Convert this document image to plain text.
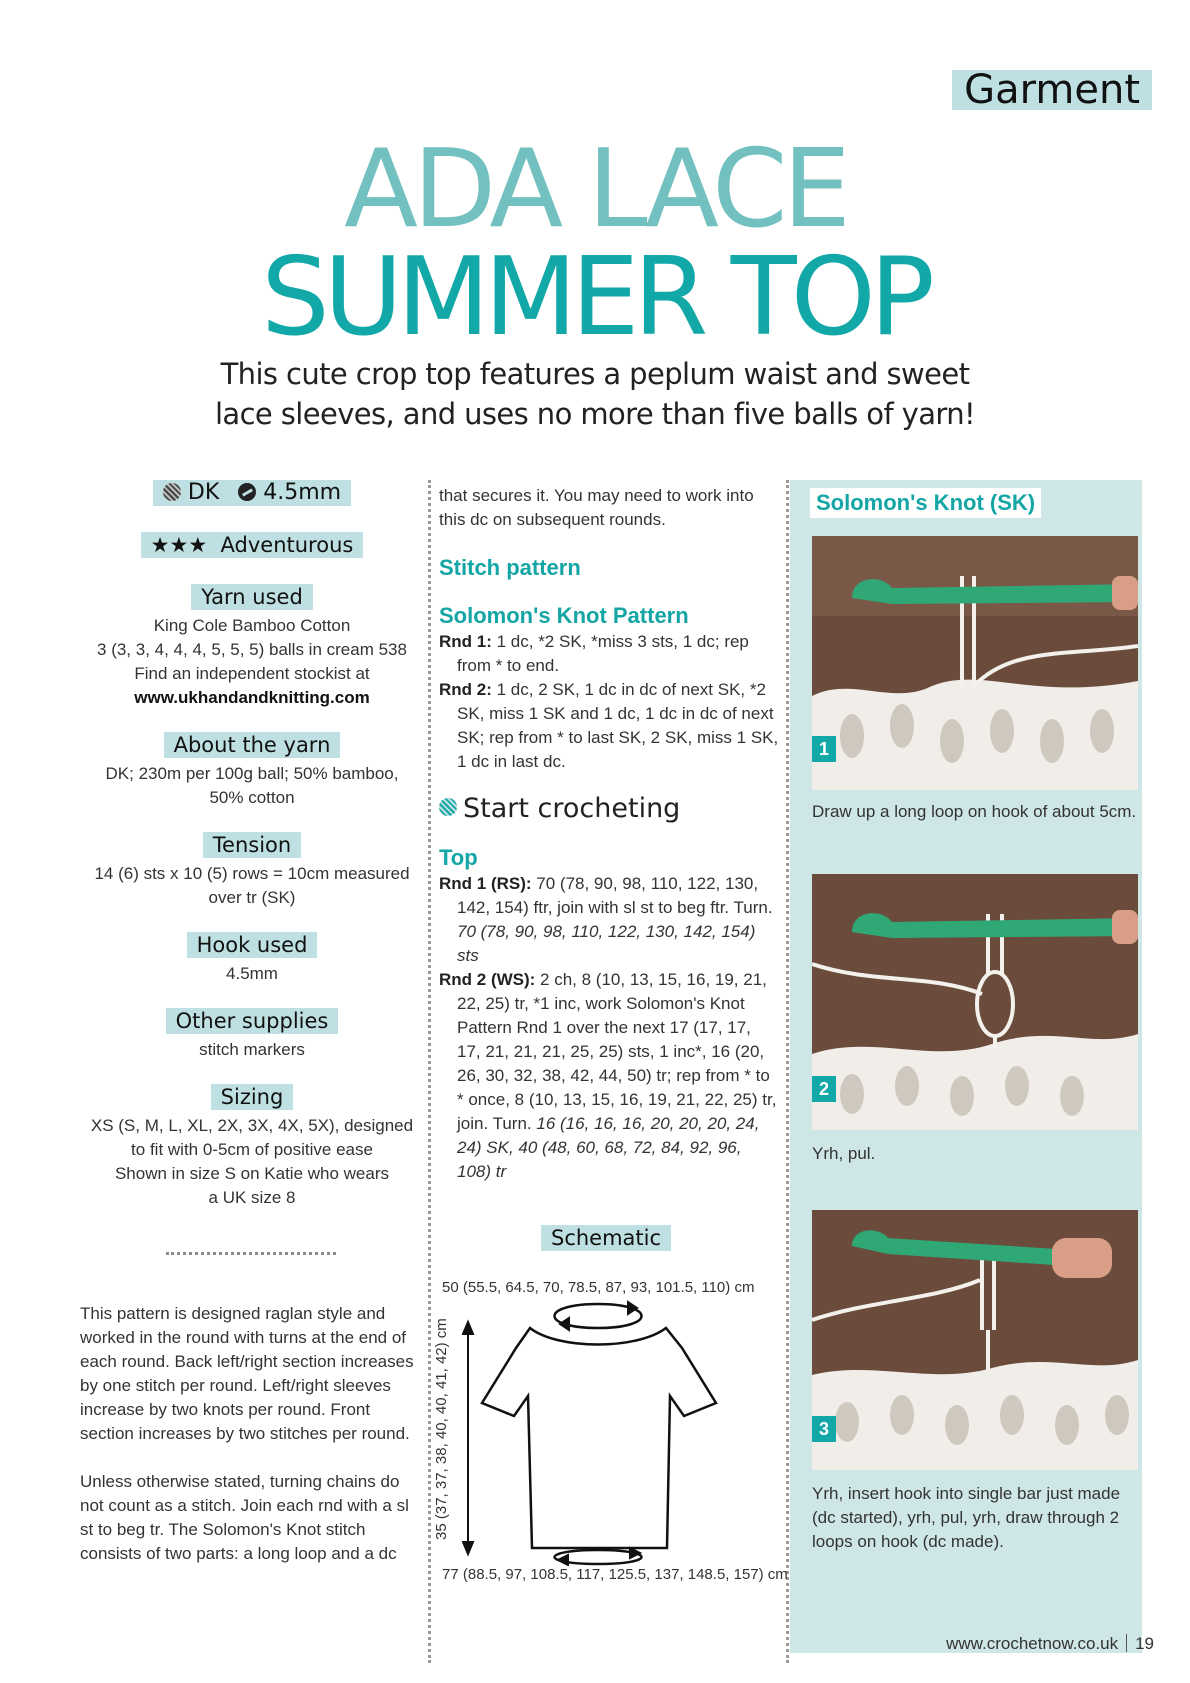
Garment
ADA LACE
SUMMER TOP
This cute crop top features a peplum waist and sweet
lace sleeves, and uses no more than five balls of yarn!
DK 4.5mm
★★★ Adventurous
Yarn used

King Cole Bamboo Cotton

3 (3, 3, 4, 4, 4, 5, 5, 5) balls in cream 538

Find an independent stockist at

www.ukhandandknitting.com

About the yarn

DK; 230m per 100g ball; 50% bamboo,

50% cotton

Tension

14 (6) sts x 10 (5) rows = 10cm measured

over tr (SK)

Hook used

4.5mm

Other supplies

stitch markers

Sizing

XS (S, M, L, XL, 2X, 3X, 4X, 5X), designed

to fit with 0-5cm of positive ease

Shown in size S on Katie who wears

a UK size 8

This pattern is designed raglan style and worked in the round with turns at the end of each round. Back left/right section increases by one stitch per round. Left/right sleeves increase by two knots per round. Front section increases by two stitches per round.

Unless otherwise stated, turning chains do not count as a stitch. Join each rnd with a sl st to beg tr. The Solomon's Knot stitch consists of two parts: a long loop and a dc

that secures it. You may need to work into this dc on subsequent rounds.

Stitch pattern

Solomon's Knot Pattern

Rnd 1: 1 dc, *2 SK, *miss 3 sts, 1 dc; rep from * to end.

Rnd 2: 1 dc, 2 SK, 1 dc in dc of next SK, *2 SK, miss 1 SK and 1 dc, 1 dc in dc of next SK; rep from * to last SK, 2 SK, miss 1 SK, 1 dc in last dc.

Start crocheting

Top

Rnd 1 (RS): 70 (78, 90, 98, 110, 122, 130, 142, 154) ftr, join with sl st to beg ftr. Turn. 70 (78, 90, 98, 110, 122, 130, 142, 154) sts

Rnd 2 (WS): 2 ch, 8 (10, 13, 15, 16, 19, 21, 22, 25) tr, *1 inc, work Solomon's Knot Pattern Rnd 1 over the next 17 (17, 17, 17, 21, 21, 21, 25, 25) sts, 1 inc*, 16 (20, 26, 30, 32, 38, 42, 44, 50) tr; rep from * to * once, 8 (10, 13, 15, 16, 19, 21, 22, 25) tr, join. Turn. 16 (16, 16, 16, 20, 20, 20, 24, 24) SK, 40 (48, 60, 68, 72, 84, 92, 96, 108) tr

Schematic
50 (55.5, 64.5, 70, 78.5, 87, 93, 101.5, 110) cm
35 (37, 37, 38, 40, 40, 41, 42) cm
77 (88.5, 97, 108.5, 117, 125.5, 137, 148.5, 157) cm
Solomon's Knot (SK)
1
Draw up a long loop on hook of about 5cm.
2
Yrh, pul.
3
Yrh, insert hook into single bar just made (dc started), yrh, pul, yrh, draw through 2 loops on hook (dc made).
www.crochetnow.co.uk 19
